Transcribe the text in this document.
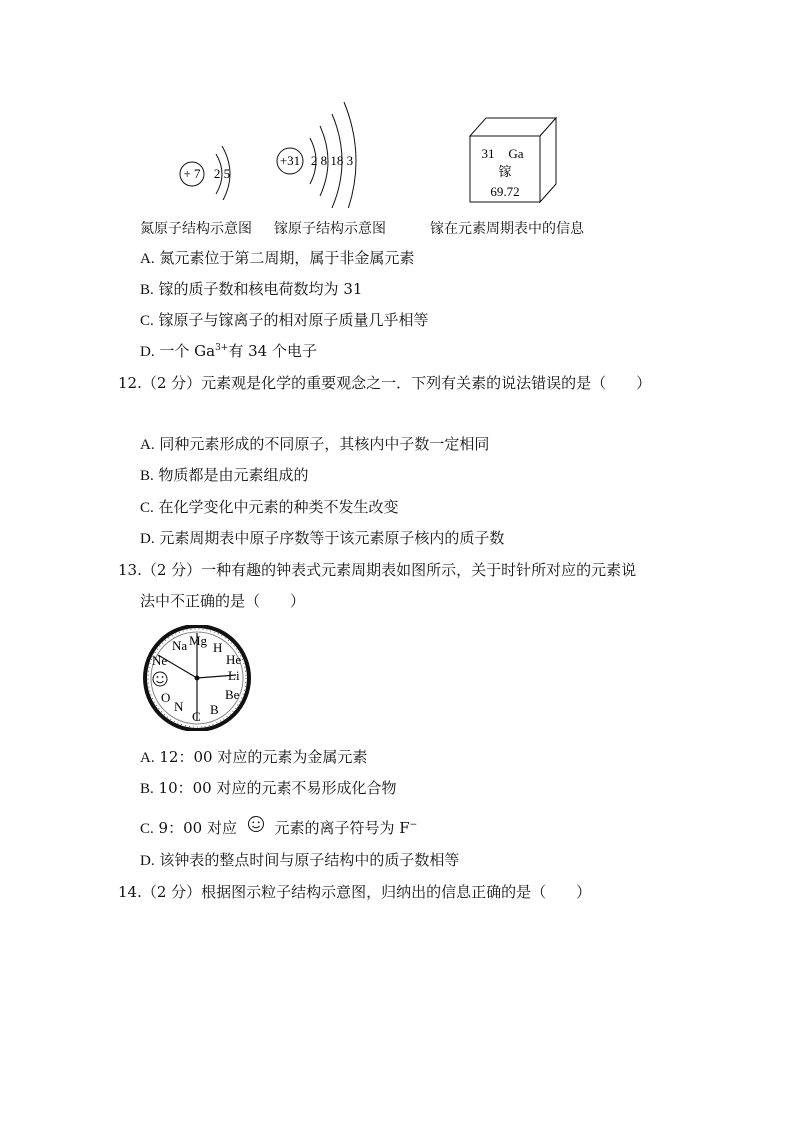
+ 7 2 5
+31 2 8 18 3	31 Ga
镓
69.72
氮原子结构示意图 镓原子结构示意图	镓在元素周期表中的信息
A. 氮元素位于第二周期，属于非金属元素
B. 镓的质子数和核电荷数均为 31
C. 镓原子与镓离子的相对原子质量几乎相等
D. 一个 $Ga^{3+}$有 34 个电子
12.（2 分）元素观是化学的重要观念之一．下列有关素的说法错误的是（　　）
A. 同种元素形成的不同原子，其核内中子数一定相同
B. 物质都是由元素组成的
C. 在化学变化中元素的种类不发生改变
D. 元素周期表中原子序数等于该元素原子核内的质子数
13.（2 分）一种有趣的钟表式元素周期表如图所示，关于时针所对应的元素说
法中不正确的是（　　）
H
He
Li
Be
B
C
N
O
Ne
Na Mg
A. 12：00 对应的元素为金属元素
B. 10：00 对应的元素不易形成化合物
C. 9：00 对应	元素的离子符号为 F−
D. 该钟表的整点时间与原子结构中的质子数相等
14.（2 分）根据图示粒子结构示意图，归纳出的信息正确的是（　　）
